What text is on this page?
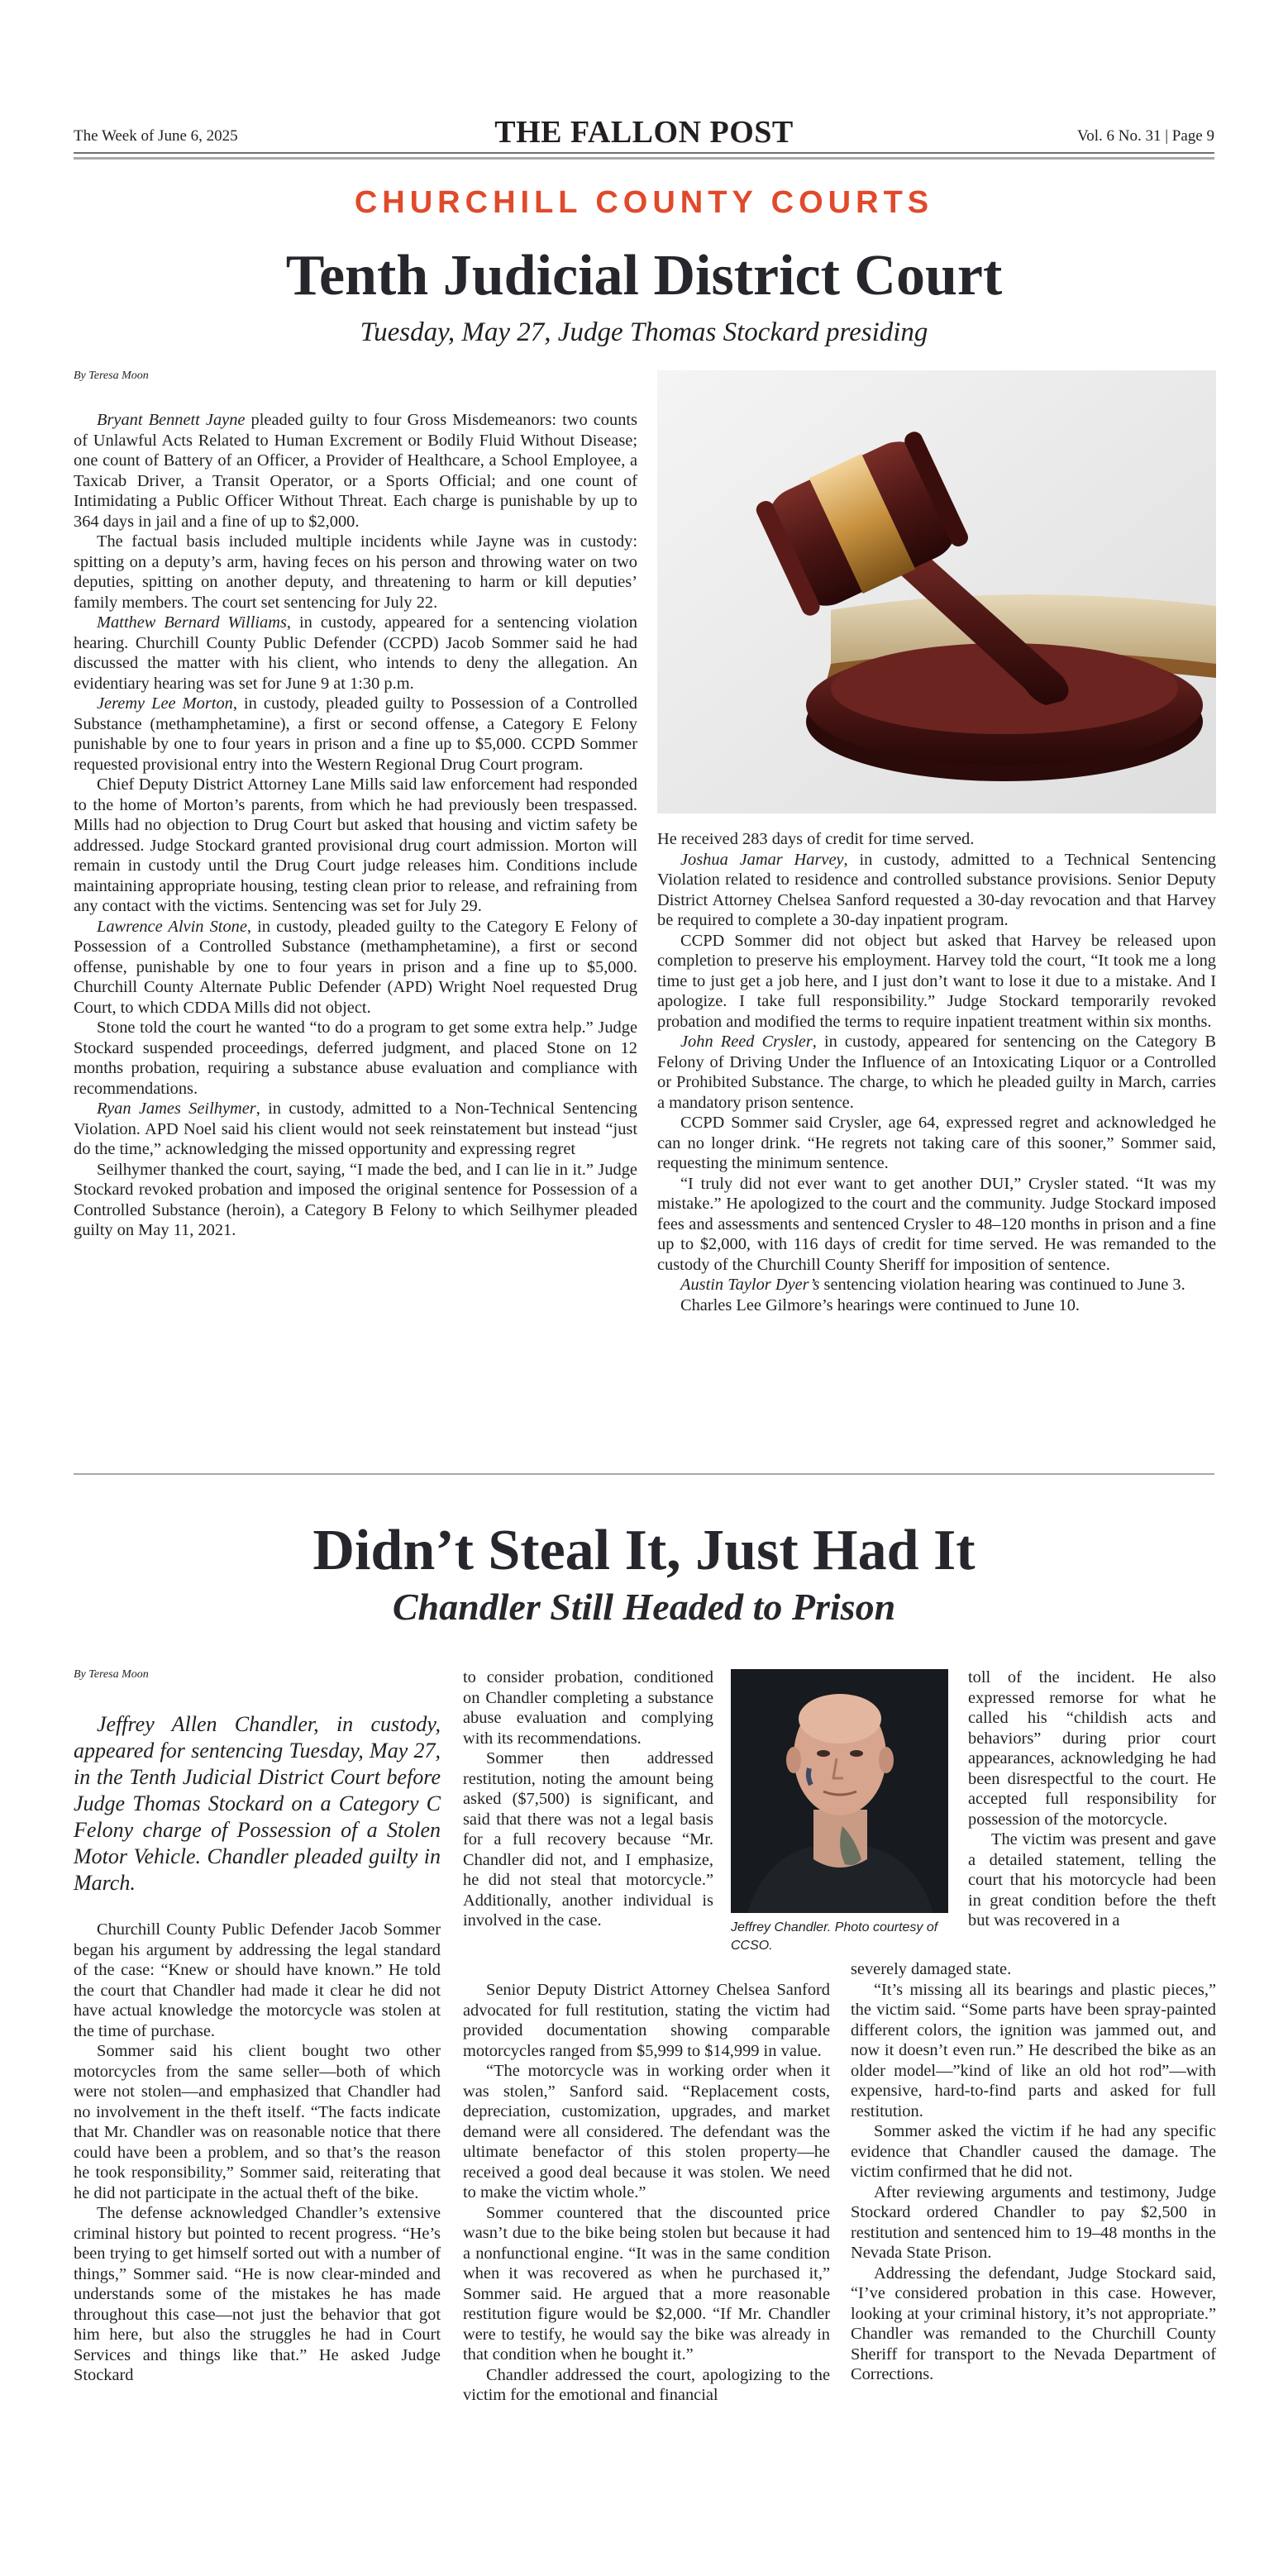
The Week of June 6, 2025	THE FALLON POST	Vol. 6 No. 31 | Page 9
CHURCHILL COUNTY COURTS
Tenth Judicial District Court
Tuesday, May 27, Judge Thomas Stockard presiding
By Teresa Moon

Bryant Bennett Jayne pleaded guilty to four Gross Misdemeanors: two counts of Unlawful Acts Related to Human Excrement or Bodily Fluid Without Disease; one count of Battery of an Officer, a Provider of Healthcare, a School Employee, a Taxicab Driver, a Transit Operator, or a Sports Official; and one count of Intimidating a Public Officer Without Threat. Each charge is punishable by up to 364 days in jail and a fine of up to $2,000.

The factual basis included multiple incidents while Jayne was in custody: spitting on a deputy’s arm, having feces on his person and throwing water on two deputies, spitting on another deputy, and threatening to harm or kill deputies’ family members. The court set sentencing for July 22.

Matthew Bernard Williams, in custody, appeared for a sentencing violation hearing. Churchill County Public Defender (CCPD) Jacob Sommer said he had discussed the matter with his client, who intends to deny the allegation. An evidentiary hearing was set for June 9 at 1:30 p.m.

Jeremy Lee Morton, in custody, pleaded guilty to Possession of a Controlled Substance (methamphetamine), a first or second offense, a Category E Felony punishable by one to four years in prison and a fine up to $5,000. CCPD Sommer requested provisional entry into the Western Regional Drug Court program.

Chief Deputy District Attorney Lane Mills said law enforcement had responded to the home of Morton’s parents, from which he had previously been trespassed. Mills had no objection to Drug Court but asked that housing and victim safety be addressed. Judge Stockard granted provisional drug court admission. Morton will remain in custody until the Drug Court judge releases him. Conditions include maintaining appropriate housing, testing clean prior to release, and refraining from any contact with the victims. Sentencing was set for July 29.

Lawrence Alvin Stone, in custody, pleaded guilty to the Category E Felony of Possession of a Controlled Substance (methamphetamine), a first or second offense, punishable by one to four years in prison and a fine up to $5,000. Churchill County Alternate Public Defender (APD) Wright Noel requested Drug Court, to which CDDA Mills did not object.

Stone told the court he wanted “to do a program to get some extra help.” Judge Stockard suspended proceedings, deferred judgment, and placed Stone on 12 months probation, requiring a substance abuse evaluation and compliance with recommendations.

Ryan James Seilhymer, in custody, admitted to a Non-Technical Sentencing Violation. APD Noel said his client would not seek reinstatement but instead “just do the time,” acknowledging the missed opportunity and expressing regret

Seilhymer thanked the court, saying, “I made the bed, and I can lie in it.” Judge Stockard revoked probation and imposed the original sentence for Possession of a Controlled Substance (heroin), a Category B Felony to which Seilhymer pleaded guilty on May 11, 2021.

He received 283 days of credit for time served.

Joshua Jamar Harvey, in custody, admitted to a Technical Sentencing Violation related to residence and controlled substance provisions. Senior Deputy District Attorney Chelsea Sanford requested a 30-day revocation and that Harvey be required to complete a 30-day inpatient program.

CCPD Sommer did not object but asked that Harvey be released upon completion to preserve his employment. Harvey told the court, “It took me a long time to just get a job here, and I just don’t want to lose it due to a mistake. And I apologize. I take full responsibility.” Judge Stockard temporarily revoked probation and modified the terms to require inpatient treatment within six months.

John Reed Crysler, in custody, appeared for sentencing on the Category B Felony of Driving Under the Influence of an Intoxicating Liquor or a Controlled or Prohibited Substance. The charge, to which he pleaded guilty in March, carries a mandatory prison sentence.

CCPD Sommer said Crysler, age 64, expressed regret and acknowledged he can no longer drink. “He regrets not taking care of this sooner,” Sommer said, requesting the minimum sentence.

“I truly did not ever want to get another DUI,” Crysler stated. “It was my mistake.” He apologized to the court and the community. Judge Stockard imposed fees and assessments and sentenced Crysler to 48–120 months in prison and a fine up to $2,000, with 116 days of credit for time served. He was remanded to the custody of the Churchill County Sheriff for imposition of sentence.

Austin Taylor Dyer’s sentencing violation hearing was continued to June 3.

Charles Lee Gilmore’s hearings were continued to June 10.

Didn’t Steal It, Just Had It
Chandler Still Headed to Prison
By Teresa Moon

Jeffrey Allen Chandler, in custody, appeared for sentencing Tuesday, May 27, in the Tenth Judicial District Court before Judge Thomas Stockard on a Category C Felony charge of Possession of a Stolen Motor Vehicle. Chandler pleaded guilty in March.

Churchill County Public Defender Jacob Sommer began his argument by addressing the legal standard of the case: “Knew or should have known.” He told the court that Chandler had made it clear he did not have actual knowledge the motorcycle was stolen at the time of purchase.

Sommer said his client bought two other motorcycles from the same seller—both of which were not stolen—and emphasized that Chandler had no involvement in the theft itself. “The facts indicate that Mr. Chandler was on reasonable notice that there could have been a problem, and so that’s the reason he took responsibility,” Sommer said, reiterating that he did not participate in the actual theft of the bike.

The defense acknowledged Chandler’s extensive criminal history but pointed to recent progress. “He’s been trying to get himself sorted out with a number of things,” Sommer said. “He is now clear-minded and understands some of the mistakes he has made throughout this case—not just the behavior that got him here, but also the struggles he had in Court Services and things like that.” He asked Judge Stockard

to consider probation, conditioned on Chandler completing a substance abuse evaluation and complying with its recommendations.

Sommer then addressed restitution, noting the amount being asked ($7,500) is significant, and said that there was not a legal basis for a full recovery because “Mr. Chandler did not, and I emphasize, he did not steal that motorcycle.” Additionally, another individual is involved in the case.

Senior Deputy District Attorney Chelsea Sanford advocated for full restitution, stating the victim had provided documentation showing comparable motorcycles ranged from $5,999 to $14,999 in value.

“The motorcycle was in working order when it was stolen,” Sanford said. “Replacement costs, depreciation, customization, upgrades, and market demand were all considered. The defendant was the ultimate benefactor of this stolen property—he received a good deal because it was stolen. We need to make the victim whole.”

Sommer countered that the discounted price wasn’t due to the bike being stolen but because it had a nonfunctional engine. “It was in the same condition when it was recovered as when he purchased it,” Sommer said. He argued that a more reasonable restitution figure would be $2,000. “If Mr. Chandler were to testify, he would say the bike was already in that condition when he bought it.”

Chandler addressed the court, apologizing to the victim for the emotional and financial

Jeffrey Chandler. Photo courtesy of CCSO.

toll of the incident. He also expressed remorse for what he called his “childish acts and behaviors” during prior court appearances, acknowledging he had been disrespectful to the court. He accepted full responsibility for possession of the motorcycle.

The victim was present and gave a detailed statement, telling the court that his motorcycle had been in great condition before the theft but was recovered in a

severely damaged state.

“It’s missing all its bearings and plastic pieces,” the victim said. “Some parts have been spray-painted different colors, the ignition was jammed out, and now it doesn’t even run.” He described the bike as an older model—”kind of like an old hot rod”—with expensive, hard-to-find parts and asked for full restitution.

Sommer asked the victim if he had any specific evidence that Chandler caused the damage. The victim confirmed that he did not.

After reviewing arguments and testimony, Judge Stockard ordered Chandler to pay $2,500 in restitution and sentenced him to 19–48 months in the Nevada State Prison.

Addressing the defendant, Judge Stockard said, “I’ve considered probation in this case. However, looking at your criminal history, it’s not appropriate.” Chandler was remanded to the Churchill County Sheriff for transport to the Nevada Department of Corrections.
